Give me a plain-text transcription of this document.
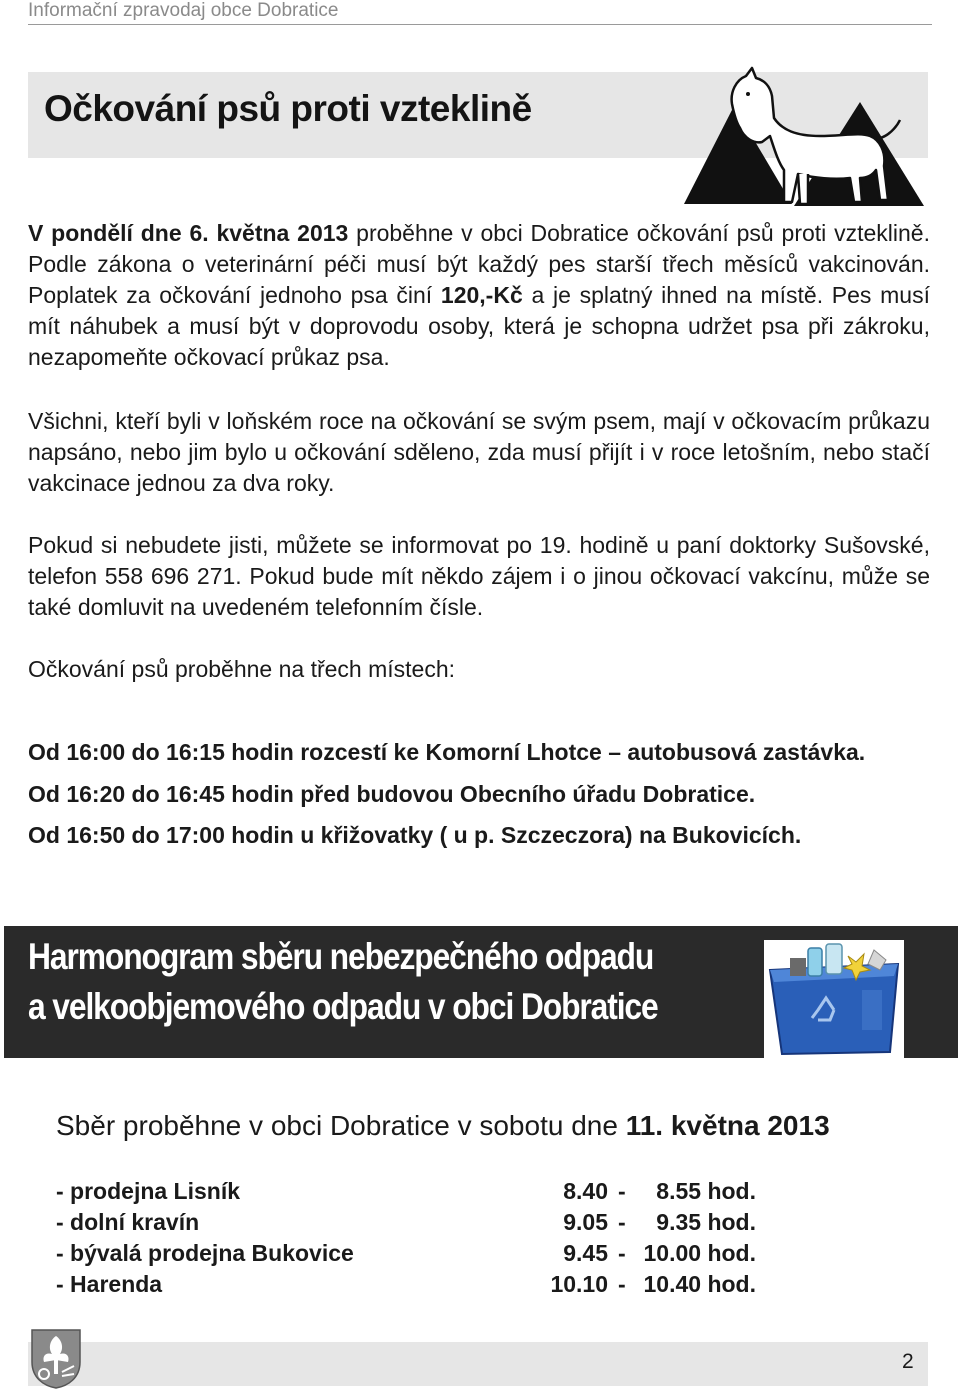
Informační zpravodaj obce Dobratice
Očkování psů proti vzteklině
V pondělí dne 6. května 2013 proběhne v obci Dobratice očkování psů proti vzteklině. Podle zákona o veterinární péči musí být každý pes starší třech měsíců vakcinován. Poplatek za očkování jednoho psa činí 120,-Kč a je splatný ihned na místě. Pes musí mít náhubek a musí být v doprovodu osoby, která je schopna udržet psa při zákroku, nezapomeňte očkovací průkaz psa.
Všichni, kteří byli v loňském roce na očkování se svým psem, mají v očkovacím průkazu napsáno, nebo jim bylo u očkování sděleno, zda musí přijít i v roce letošním, nebo stačí vakcinace jednou za dva roky.
Pokud si nebudete jisti, můžete se informovat po 19. hodině u paní doktorky Sušovské, telefon 558 696 271. Pokud bude mít někdo zájem i o jinou očkovací vakcínu, může se také domluvit na uvedeném telefonním čísle.
Očkování psů proběhne na třech místech:
Od 16:00 do 16:15 hodin rozcestí ke Komorní Lhotce – autobusová zastávka.
Od 16:20 do 16:45 hodin před budovou Obecního úřadu Dobratice.
Od 16:50 do 17:00 hodin u křižovatky ( u p. Szczeczora) na Bukovicích.
Harmonogram sběru nebezpečného odpadu
a velkoobjemového odpadu v obci Dobratice
Sběr proběhne v obci Dobratice v sobotu dne 11. května 2013
- prodejna Lisník	8.40 - 8.55 hod.
- dolní kravín	9.05 - 9.35 hod.
- bývalá prodejna Bukovice	9.45 - 10.00 hod.
- Harenda	10.10 - 10.40 hod.
2
